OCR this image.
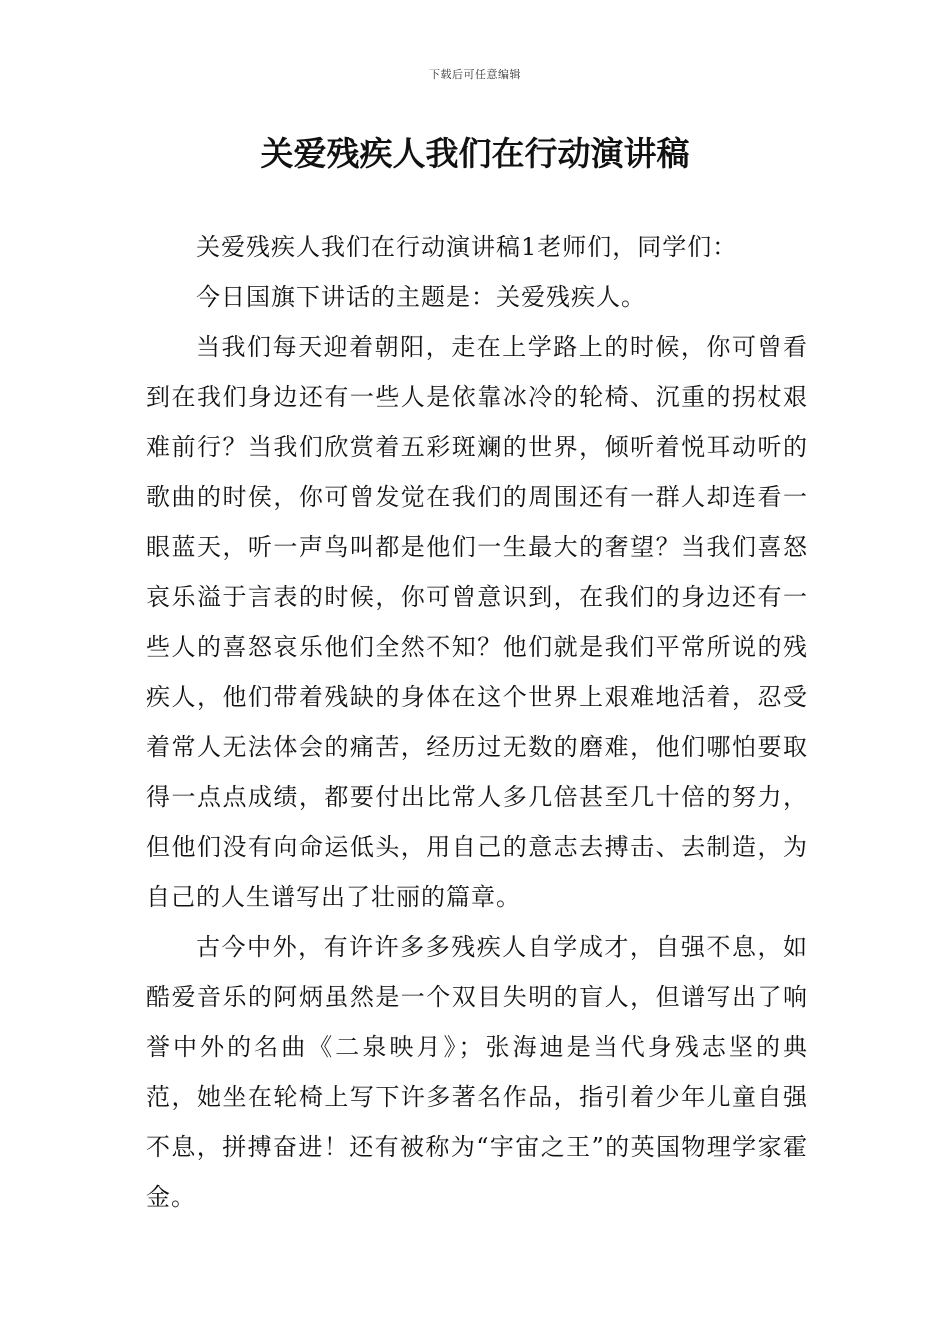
下载后可任意编辑
关爱残疾人我们在行动演讲稿

关爱残疾人我们在行动演讲稿1老师们，同学们：

今日国旗下讲话的主题是：关爱残疾人。

当我们每天迎着朝阳，走在上学路上的时候，你可曾看到在我们身边还有一些人是依靠冰冷的轮椅、沉重的拐杖艰难前行？当我们欣赏着五彩斑斓的世界，倾听着悦耳动听的歌曲的时侯，你可曾发觉在我们的周围还有一群人却连看一眼蓝天，听一声鸟叫都是他们一生最大的奢望？当我们喜怒哀乐溢于言表的时候，你可曾意识到，在我们的身边还有一些人的喜怒哀乐他们全然不知？他们就是我们平常所说的残疾人，他们带着残缺的身体在这个世界上艰难地活着，忍受着常人无法体会的痛苦，经历过无数的磨难，他们哪怕要取得一点点成绩，都要付出比常人多几倍甚至几十倍的努力，但他们没有向命运低头，用自己的意志去搏击、去制造，为自己的人生谱写出了壮丽的篇章。

古今中外，有许许多多残疾人自学成才，自强不息，如酷爱音乐的阿炳虽然是一个双目失明的盲人，但谱写出了响誉中外的名曲《二泉映月》；张海迪是当代身残志坚的典范，她坐在轮椅上写下许多著名作品，指引着少年儿童自强不息，拼搏奋进！还有被称为“宇宙之王”的英国物理学家霍金。
